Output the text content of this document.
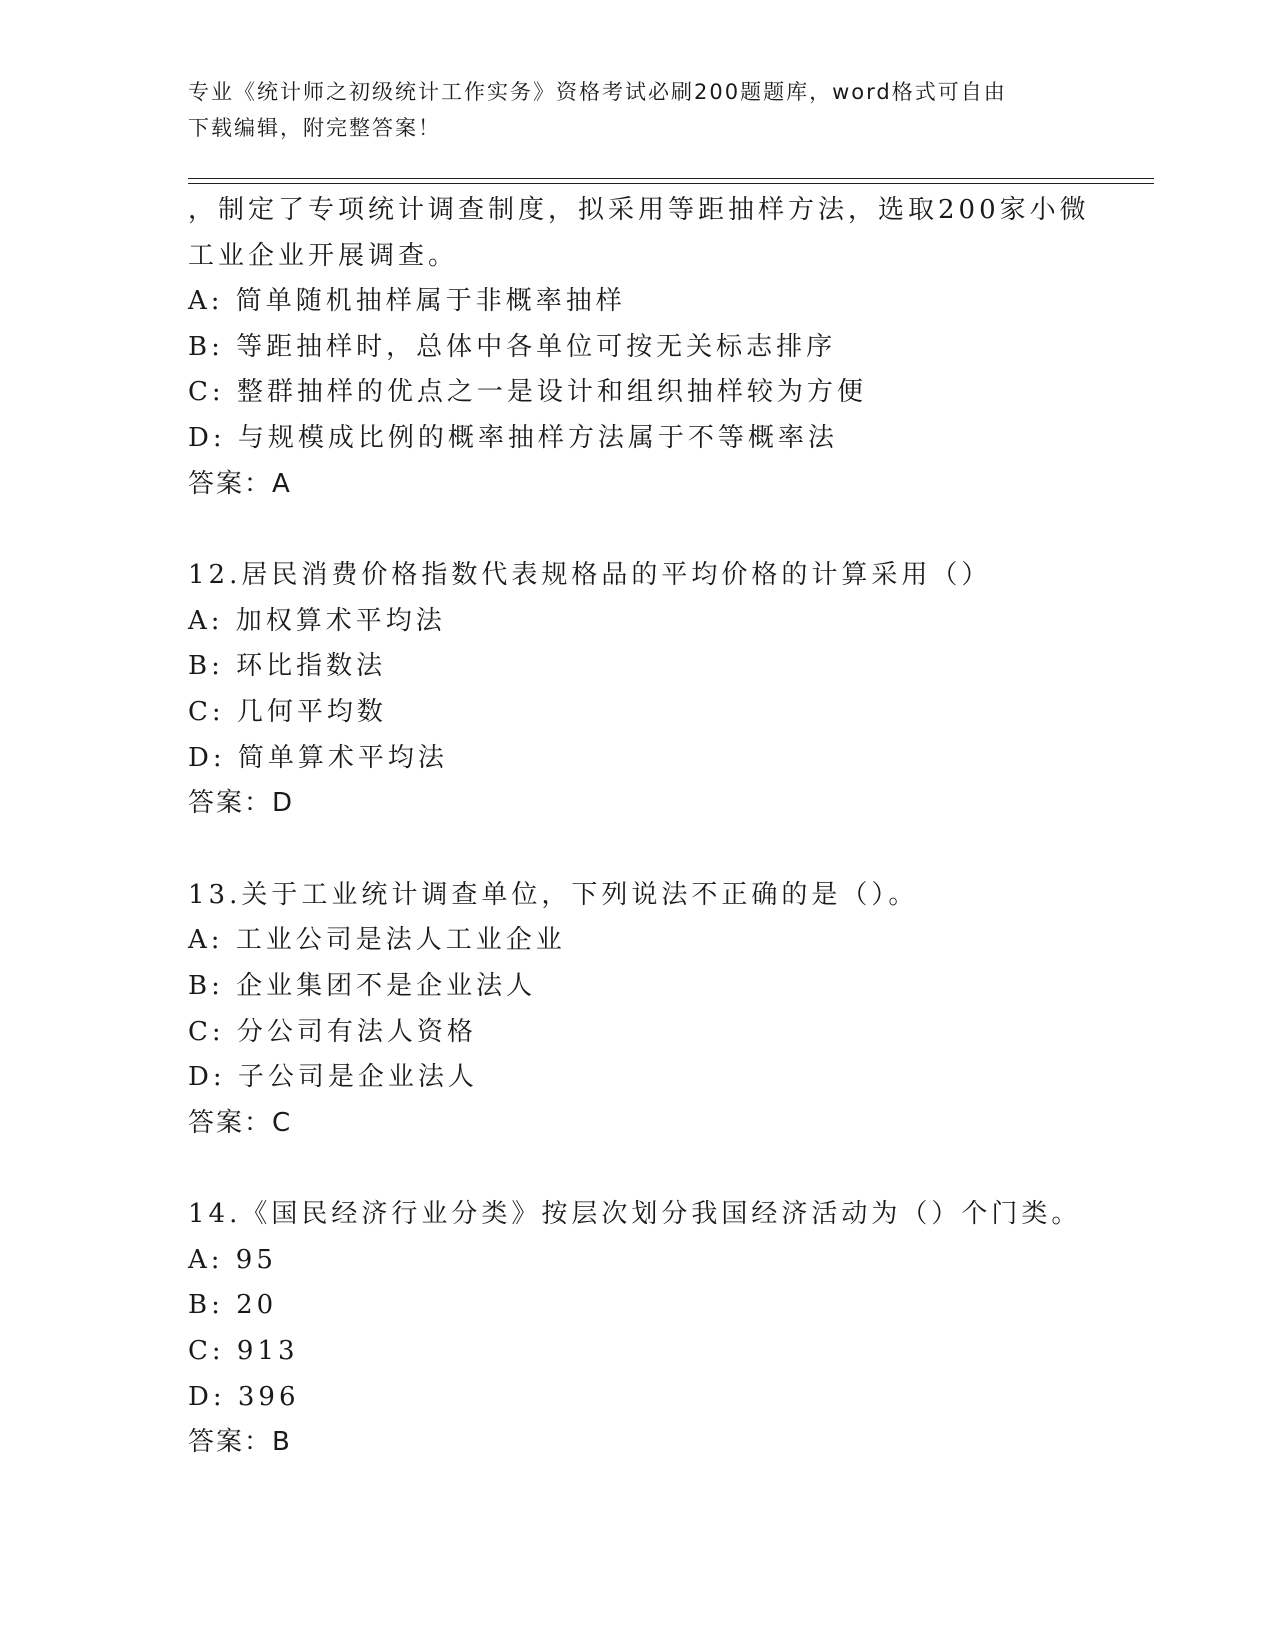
专业《统计师之初级统计工作实务》资格考试必刷200题题库，word格式可自由
下载编辑，附完整答案！
，制定了专项统计调查制度，拟采用等距抽样方法，选取200家小微
工业企业开展调查。
A: 简单随机抽样属于非概率抽样
B: 等距抽样时，总体中各单位可按无关标志排序
C: 整群抽样的优点之一是设计和组织抽样较为方便
D: 与规模成比例的概率抽样方法属于不等概率法
答案：A
12.居民消费价格指数代表规格品的平均价格的计算采用（）
A: 加权算术平均法
B: 环比指数法
C: 几何平均数
D: 简单算术平均法
答案：D
13.关于工业统计调查单位，下列说法不正确的是（）。
A: 工业公司是法人工业企业
B: 企业集团不是企业法人
C: 分公司有法人资格
D: 子公司是企业法人
答案：C
14.《国民经济行业分类》按层次划分我国经济活动为（）个门类。
A: 95
B: 20
C: 913
D: 396
答案：B
